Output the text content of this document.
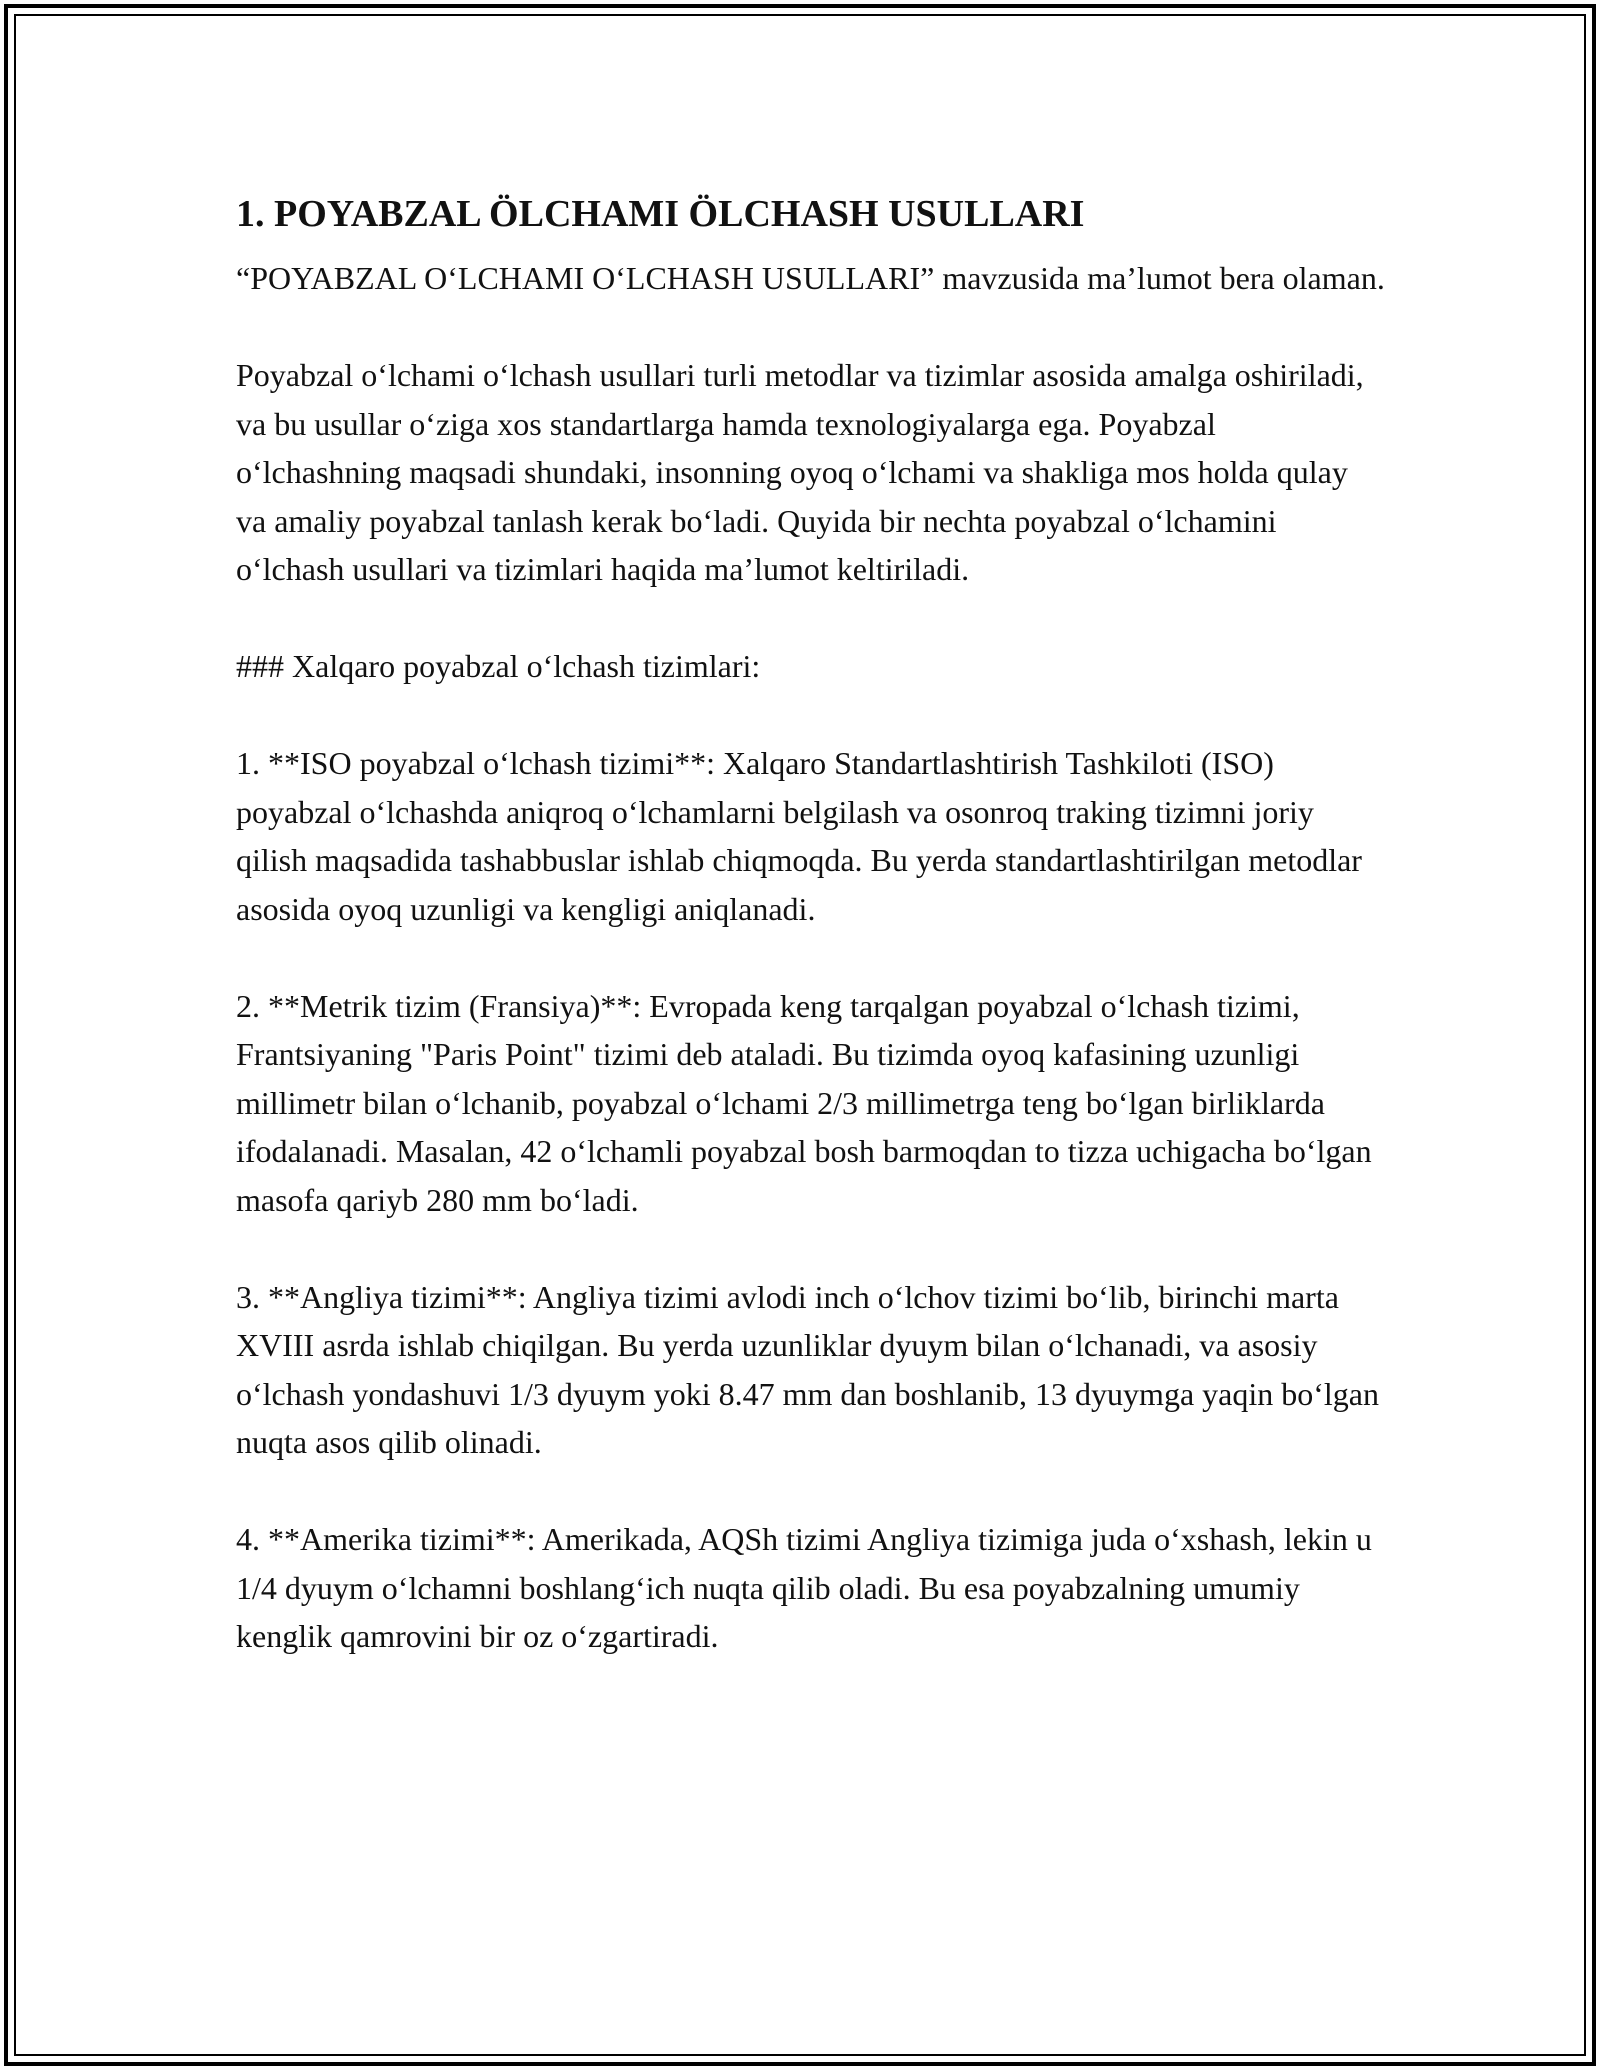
1. POYABZAL ÖLCHAMI ÖLCHASH USULLARI

“POYABZAL O‘LCHAMI O‘LCHASH USULLARI” mavzusida ma’lumot bera olaman.

Poyabzal o‘lchami o‘lchash usullari turli metodlar va tizimlar asosida amalga oshiriladi, va bu usullar o‘ziga xos standartlarga hamda texnologiyalarga ega. Poyabzal o‘lchashning maqsadi shundaki, insonning oyoq o‘lchami va shakliga mos holda qulay va amaliy poyabzal tanlash kerak bo‘ladi. Quyida bir nechta poyabzal o‘lchamini o‘lchash usullari va tizimlari haqida ma’lumot keltiriladi.

### Xalqaro poyabzal o‘lchash tizimlari:

1. **ISO poyabzal o‘lchash tizimi**: Xalqaro Standartlashtirish Tashkiloti (ISO) poyabzal o‘lchashda aniqroq o‘lchamlarni belgilash va osonroq traking tizimni joriy qilish maqsadida tashabbuslar ishlab chiqmoqda. Bu yerda standartlashtirilgan metodlar asosida oyoq uzunligi va kengligi aniqlanadi.

2. **Metrik tizim (Fransiya)**: Evropada keng tarqalgan poyabzal o‘lchash tizimi, Frantsiyaning "Paris Point" tizimi deb ataladi. Bu tizimda oyoq kafasining uzunligi millimetr bilan o‘lchanib, poyabzal o‘lchami 2/3 millimetrga teng bo‘lgan birliklarda ifodalanadi. Masalan, 42 o‘lchamli poyabzal bosh barmoqdan to tizza uchigacha bo‘lgan masofa qariyb 280 mm bo‘ladi.

3. **Angliya tizimi**: Angliya tizimi avlodi inch o‘lchov tizimi bo‘lib, birinchi marta XVIII asrda ishlab chiqilgan. Bu yerda uzunliklar dyuym bilan o‘lchanadi, va asosiy o‘lchash yondashuvi 1/3 dyuym yoki 8.47 mm dan boshlanib, 13 dyuymga yaqin bo‘lgan nuqta asos qilib olinadi.

4. **Amerika tizimi**: Amerikada, AQSh tizimi Angliya tizimiga juda o‘xshash, lekin u 1/4 dyuym o‘lchamni boshlang‘ich nuqta qilib oladi. Bu esa poyabzalning umumiy kenglik qamrovini bir oz o‘zgartiradi.
